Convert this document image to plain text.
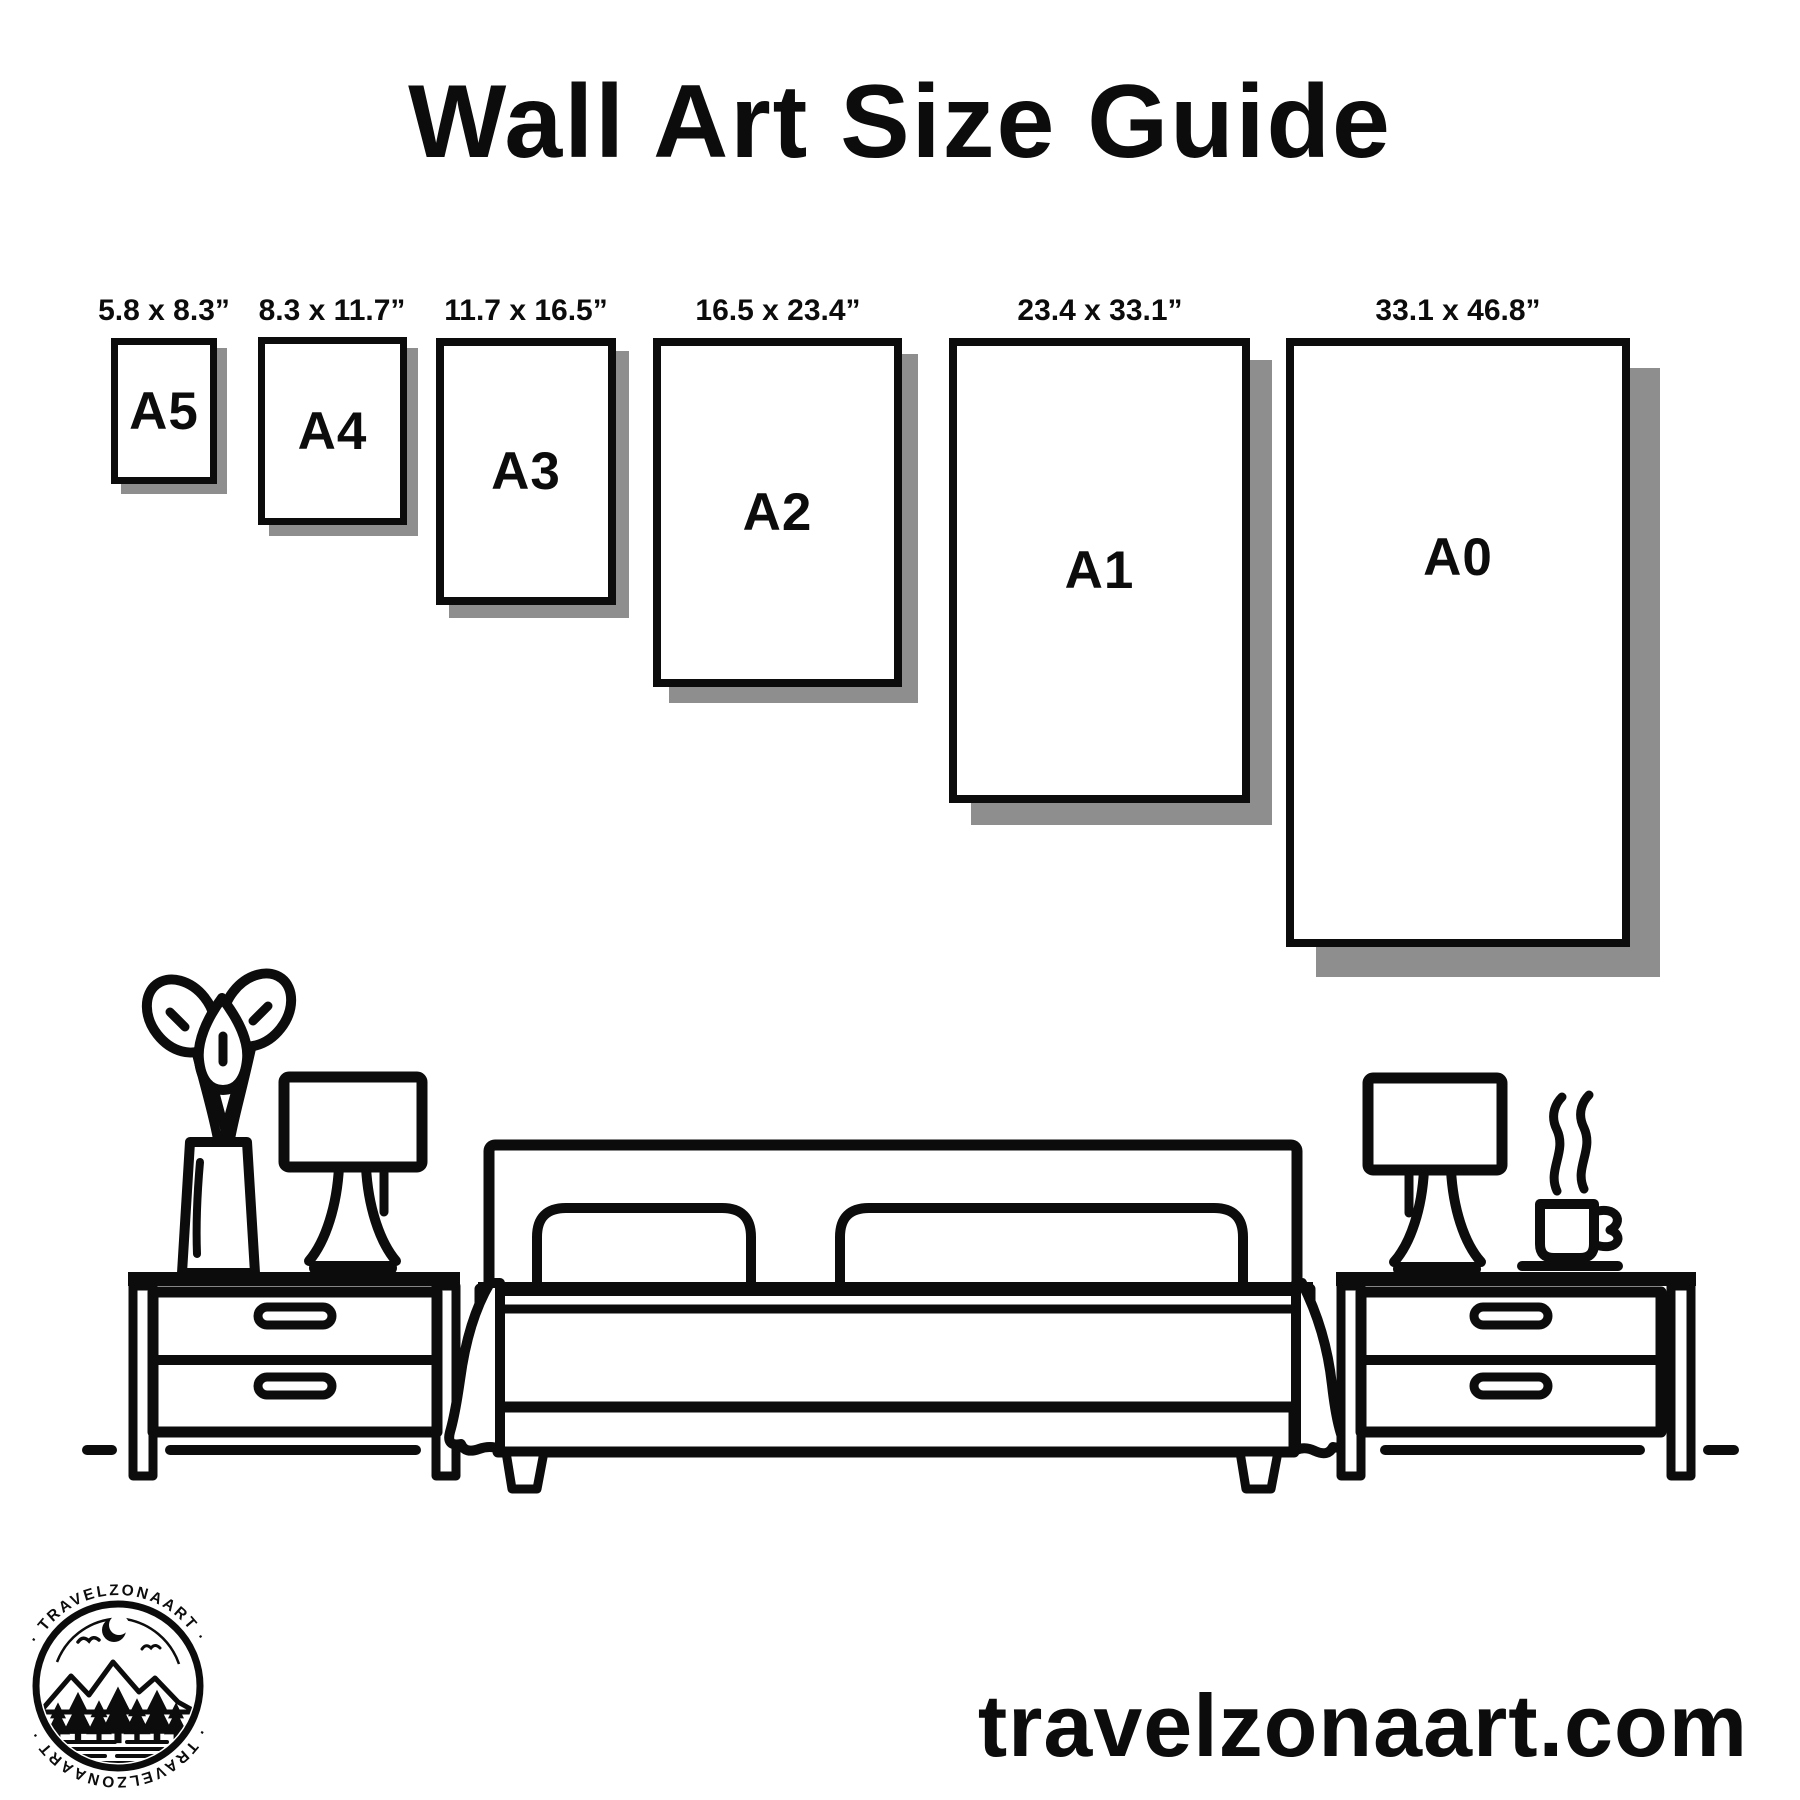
Wall Art Size Guide
5.8 x 8.3” 8.3 x 11.7” 11.7 x 16.5”	16.5 x 23.4”	23.4 x 33.1”	33.1 x 46.8”
A5 A4
A3
A2
A1	A0
· TRAVELZONAART ·
· TRAVELZONAART ·	travelzonaart.com
